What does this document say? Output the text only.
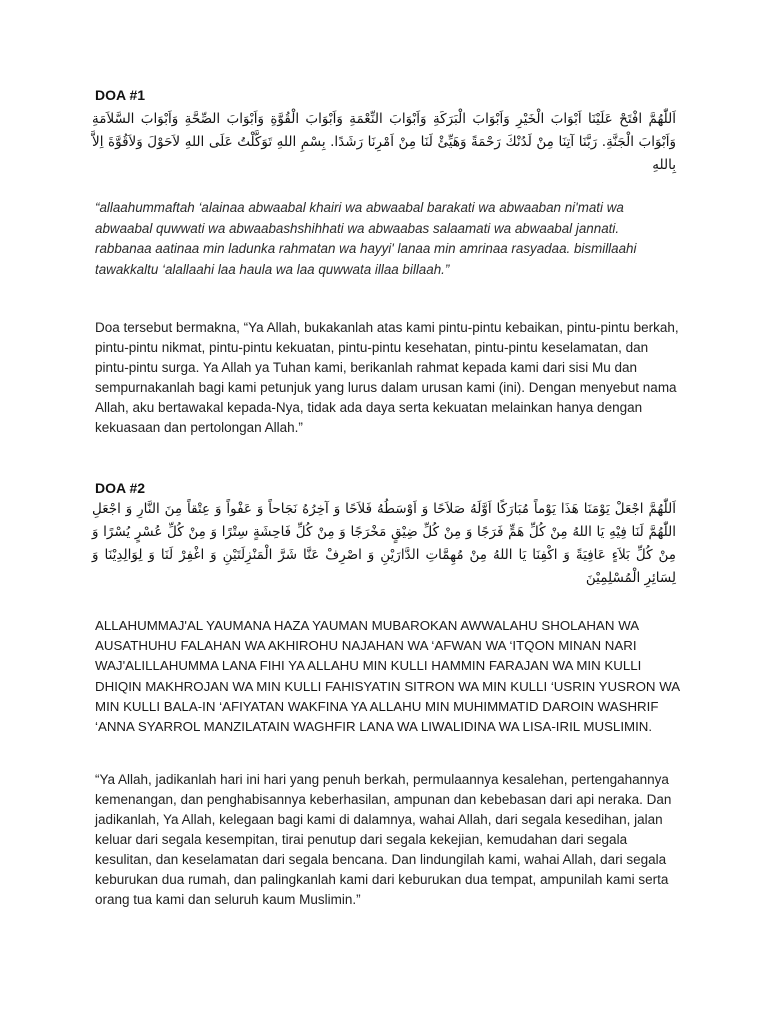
DOA #1

اَللّٰهُمَّ افْتَحْ عَلَيْنَا اَبْوَابَ الْخَيْرِ وَاَبْوَابَ الْبَرَكَةِ وَاَبْوَابَ النِّعْمَةِ وَاَبْوَابَ الْقُوَّةِ وَاَبْوَابَ الصِّحَّةِ وَاَبْوَابَ السَّلاَمَةِ وَاَبْوَابَ الْجَنَّةِ. رَبَّنَا آتِنَا مِنْ لَدُنْكَ رَحْمَةً وَهَيِّئْ لَنَا مِنْ اَمْرِنَا رَشَدًا. بِسْمِ اللهِ تَوَكَّلْتُ عَلَى اللهِ لاَحَوْلَ وَلاَقُوَّةَ اِلاَّ بِاللهِ

“allaahummaftah ‘alainaa abwaabal khairi wa abwaabal barakati wa abwaaban ni'mati wa abwaabal quwwati wa abwaabashshihhati wa abwaabas salaamati wa abwaabal jannati. rabbanaa aatinaa min ladunka rahmatan wa hayyi' lanaa min amrinaa rasyadaa. bismillaahi tawakkaltu ‘alallaahi laa haula wa laa quwwata illaa billaah.”

Doa tersebut bermakna, “Ya Allah, bukakanlah atas kami pintu-pintu kebaikan, pintu-pintu berkah, pintu-pintu nikmat, pintu-pintu kekuatan, pintu-pintu kesehatan, pintu-pintu keselamatan, dan pintu-pintu surga. Ya Allah ya Tuhan kami, berikanlah rahmat kepada kami dari sisi Mu dan sempurnakanlah bagi kami petunjuk yang lurus dalam urusan kami (ini). Dengan menyebut nama Allah, aku bertawakal kepada-Nya, tidak ada daya serta kekuatan melainkan hanya dengan kekuasaan dan pertolongan Allah.”

DOA #2

اَللّٰهُمَّ اجْعَلْ يَوْمَنَا هَذَا يَوْماً مُبَارَكًا اَوَّلَهُ صَلاَحًا وَ اَوْسَطُهُ فَلاَحًا وَ آخِرُهُ نَجَاحاً وَ عَفْواً وَ عِتْقاً مِنَ النَّارِ وَ اجْعَلِ اللّٰهُمَّ لَنَا فِيْهِ يَا اللهُ مِنْ كُلِّ هَمٍّ فَرَجًا وَ مِنْ كُلِّ ضِيْقٍ مَخْرَجًا وَ مِنْ كُلِّ فَاحِشَةٍ سِتْرًا وَ مِنْ كُلِّ عُسْرٍ يُسْرًا وَ مِنْ كُلِّ بَلاَءٍ عَافِيَةً وَ اكْفِنَا يَا اللهُ مِنْ مُهِمَّاتِ الدَّارَيْنِ وَ اصْرِفْ عَنَّا شَرَّ الْمَنْزِلَتَيْنِ وَ اغْفِرْ لَنَا وَ لِوَالِدِيْنَا وَ لِسَائِرِ الْمُسْلِمِيْنَ

ALLAHUMMAJ'AL YAUMANA HAZA YAUMAN MUBAROKAN AWWALAHU SHOLAHAN WA AUSATHUHU FALAHAN WA AKHIROHU NAJAHAN WA ‘AFWAN WA ‘ITQON MINAN NARI WAJ'ALILLAHUMMA LANA FIHI YA ALLAHU MIN KULLI HAMMIN FARAJAN WA MIN KULLI DHIQIN MAKHROJAN WA MIN KULLI FAHISYATIN SITRON WA MIN KULLI ‘USRIN YUSRON WA MIN KULLI BALA-IN ‘AFIYATAN WAKFINA YA ALLAHU MIN MUHIMMATID DAROIN WASHRIF ‘ANNA SYARROL MANZILATAIN WAGHFIR LANA WA LIWALIDINA WA LISA-IRIL MUSLIMIN.

“Ya Allah, jadikanlah hari ini hari yang penuh berkah, permulaannya kesalehan, pertengahannya kemenangan, dan penghabisannya keberhasilan, ampunan dan kebebasan dari api neraka. Dan jadikanlah, Ya Allah, kelegaan bagi kami di dalamnya, wahai Allah, dari segala kesedihan, jalan keluar dari segala kesempitan, tirai penutup dari segala kekejian, kemudahan dari segala kesulitan, dan keselamatan dari segala bencana. Dan lindungilah kami, wahai Allah, dari segala keburukan dua rumah, dan palingkanlah kami dari keburukan dua tempat, ampunilah kami serta orang tua kami dan seluruh kaum Muslimin.”
